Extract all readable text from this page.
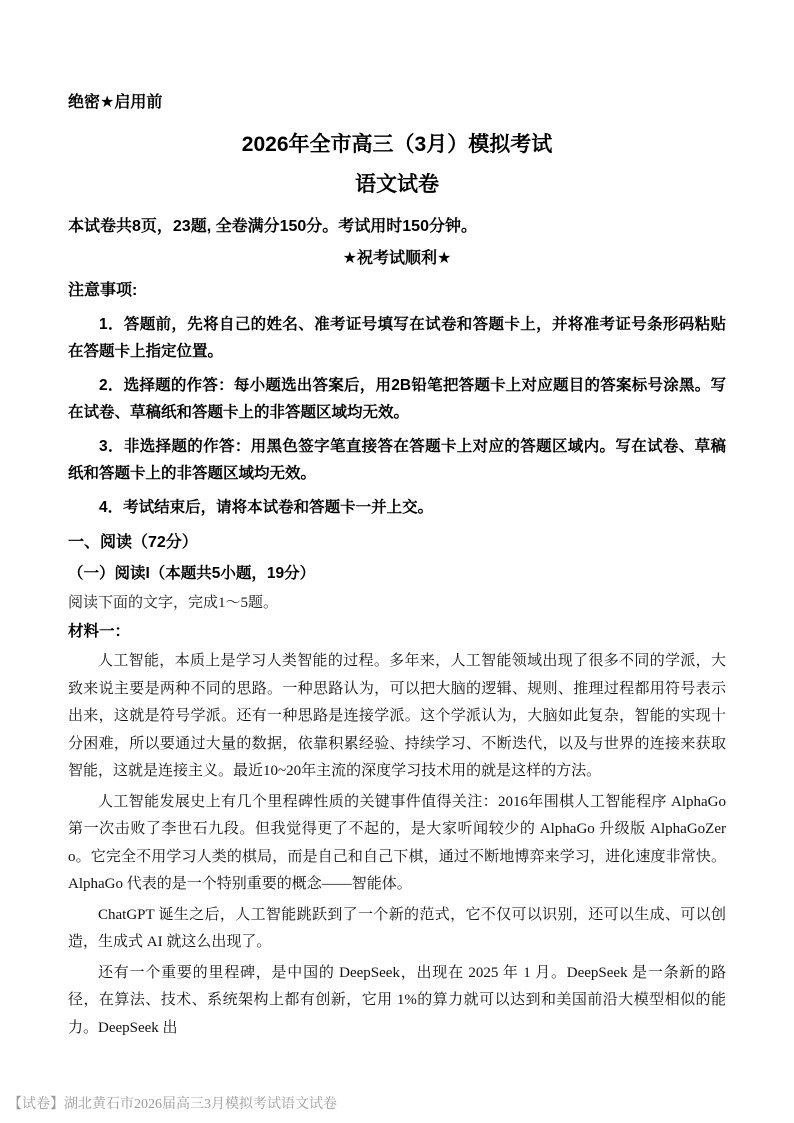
绝密★启用前
2026年全市高三（3月）模拟考试
语文试卷
本试卷共8页，23题, 全卷满分150分。考试用时150分钟。
★祝考试顺利★
注意事项:
1．答题前，先将自己的姓名、准考证号填写在试卷和答题卡上，并将准考证号条形码粘贴在答题卡上指定位置。
2．选择题的作答：每小题选出答案后，用2B铅笔把答题卡上对应题目的答案标号涂黑。写在试卷、草稿纸和答题卡上的非答题区域均无效。
3．非选择题的作答：用黑色签字笔直接答在答题卡上对应的答题区域内。写在试卷、草稿纸和答题卡上的非答题区域均无效。
4．考试结束后，请将本试卷和答题卡一并上交。
一、阅读（72分）
（一）阅读I（本题共5小题，19分）
阅读下面的文字，完成1～5题。
材料一：
人工智能，本质上是学习人类智能的过程。多年来，人工智能领域出现了很多不同的学派，大致来说主要是两种不同的思路。一种思路认为，可以把大脑的逻辑、规则、推理过程都用符号表示出来，这就是符号学派。还有一种思路是连接学派。这个学派认为，大脑如此复杂，智能的实现十分困难，所以要通过大量的数据，依靠积累经验、持续学习、不断迭代，以及与世界的连接来获取智能，这就是连接主义。最近10~20年主流的深度学习技术用的就是这样的方法。
人工智能发展史上有几个里程碑性质的关键事件值得关注：2016年围棋人工智能程序 AlphaGo 第一次击败了李世石九段。但我觉得更了不起的，是大家听闻较少的 AlphaGo 升级版 AlphaGoZero。它完全不用学习人类的棋局，而是自己和自己下棋，通过不断地博弈来学习，进化速度非常快。AlphaGo 代表的是一个特别重要的概念——智能体。
ChatGPT 诞生之后，人工智能跳跃到了一个新的范式，它不仅可以识别，还可以生成、可以创造，生成式 AI 就这么出现了。
还有一个重要的里程碑，是中国的 DeepSeek，出现在 2025 年 1 月。DeepSeek 是一条新的路径，在算法、技术、系统架构上都有创新，它用 1%的算力就可以达到和美国前沿大模型相似的能力。DeepSeek 出
【试卷】湖北黄石市2026届高三3月模拟考试语文试卷
